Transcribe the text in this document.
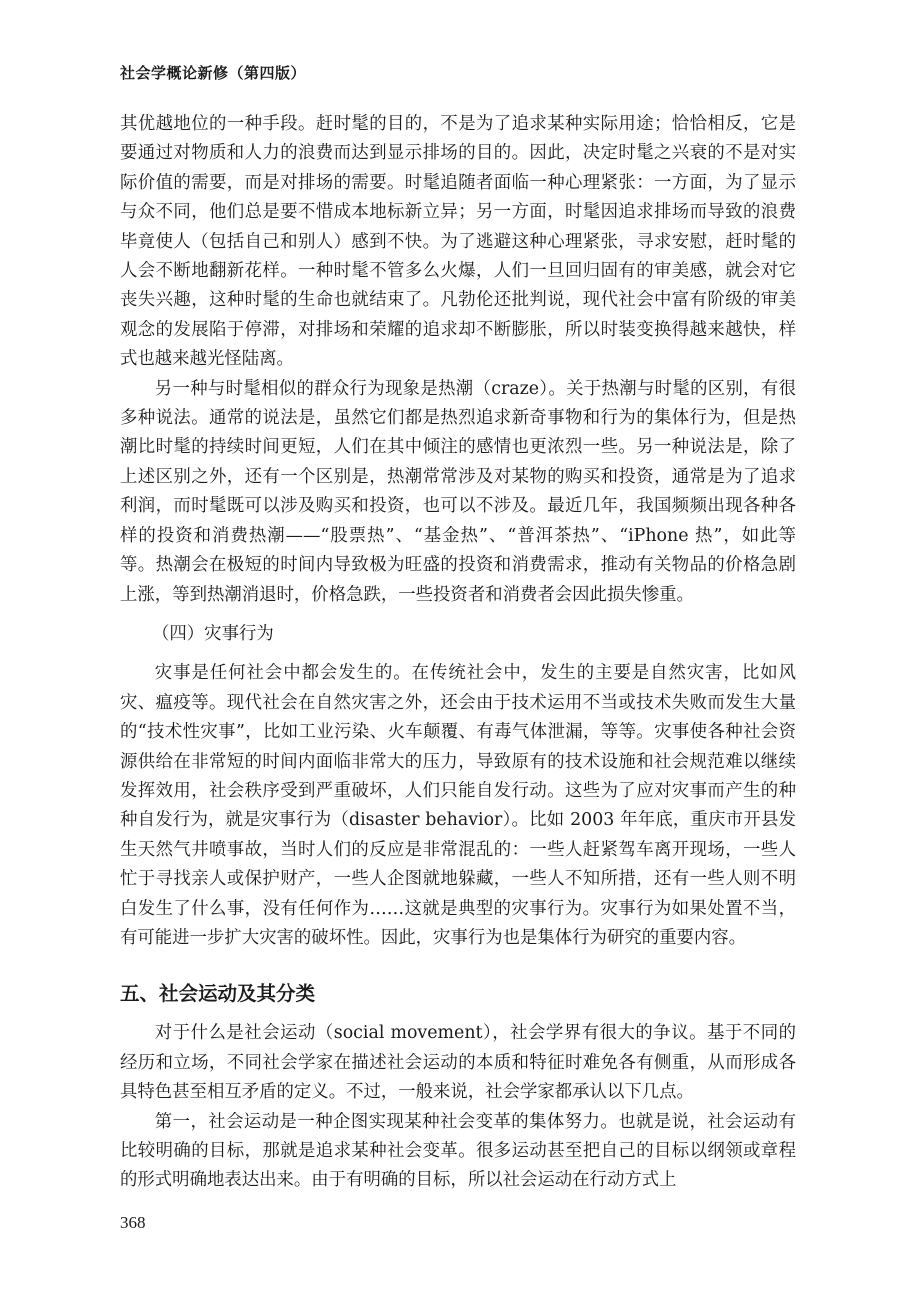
社会学概论新修（第四版）

其优越地位的一种手段。赶时髦的目的，不是为了追求某种实际用途；恰恰相反，它是要通过对物质和人力的浪费而达到显示排场的目的。因此，决定时髦之兴衰的不是对实际价值的需要，而是对排场的需要。时髦追随者面临一种心理紧张：一方面，为了显示与众不同，他们总是要不惜成本地标新立异；另一方面，时髦因追求排场而导致的浪费毕竟使人（包括自己和别人）感到不快。为了逃避这种心理紧张，寻求安慰，赶时髦的人会不断地翻新花样。一种时髦不管多么火爆，人们一旦回归固有的审美感，就会对它丧失兴趣，这种时髦的生命也就结束了。凡勃伦还批判说，现代社会中富有阶级的审美观念的发展陷于停滞，对排场和荣耀的追求却不断膨胀，所以时装变换得越来越快，样式也越来越光怪陆离。

另一种与时髦相似的群众行为现象是热潮（craze）。关于热潮与时髦的区别，有很多种说法。通常的说法是，虽然它们都是热烈追求新奇事物和行为的集体行为，但是热潮比时髦的持续时间更短，人们在其中倾注的感情也更浓烈一些。另一种说法是，除了上述区别之外，还有一个区别是，热潮常常涉及对某物的购买和投资，通常是为了追求利润，而时髦既可以涉及购买和投资，也可以不涉及。最近几年，我国频频出现各种各样的投资和消费热潮——“股票热”、“基金热”、“普洱茶热”、“iPhone 热”，如此等等。热潮会在极短的时间内导致极为旺盛的投资和消费需求，推动有关物品的价格急剧上涨，等到热潮消退时，价格急跌，一些投资者和消费者会因此损失惨重。

（四）灾事行为

灾事是任何社会中都会发生的。在传统社会中，发生的主要是自然灾害，比如风灾、瘟疫等。现代社会在自然灾害之外，还会由于技术运用不当或技术失败而发生大量的“技术性灾事”，比如工业污染、火车颠覆、有毒气体泄漏，等等。灾事使各种社会资源供给在非常短的时间内面临非常大的压力，导致原有的技术设施和社会规范难以继续发挥效用，社会秩序受到严重破坏，人们只能自发行动。这些为了应对灾事而产生的种种自发行为，就是灾事行为（disaster behavior）。比如 2003 年年底，重庆市开县发生天然气井喷事故，当时人们的反应是非常混乱的：一些人赶紧驾车离开现场，一些人忙于寻找亲人或保护财产，一些人企图就地躲藏，一些人不知所措，还有一些人则不明白发生了什么事，没有任何作为……这就是典型的灾事行为。灾事行为如果处置不当，有可能进一步扩大灾害的破坏性。因此，灾事行为也是集体行为研究的重要内容。

五、社会运动及其分类

对于什么是社会运动（social movement），社会学界有很大的争议。基于不同的经历和立场，不同社会学家在描述社会运动的本质和特征时难免各有侧重，从而形成各具特色甚至相互矛盾的定义。不过，一般来说，社会学家都承认以下几点。

第一，社会运动是一种企图实现某种社会变革的集体努力。也就是说，社会运动有比较明确的目标，那就是追求某种社会变革。很多运动甚至把自己的目标以纲领或章程的形式明确地表达出来。由于有明确的目标，所以社会运动在行动方式上

368
